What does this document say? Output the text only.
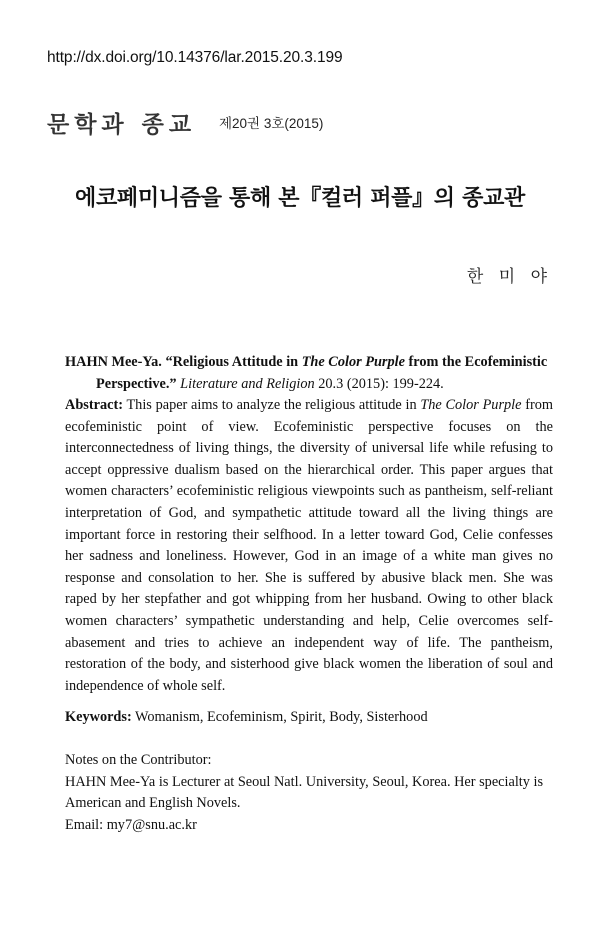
http://dx.doi.org/10.14376/lar.2015.20.3.199
문학과 종교 제20권 3호(2015)
에코페미니즘을 통해 본『컬러 퍼플』의 종교관
한 미 야
HAHN Mee-Ya. “Religious Attitude in The Color Purple from the Ecofeministic
Perspective.” Literature and Religion 20.3 (2015): 199-224.
Abstract: This paper aims to analyze the religious attitude in The Color Purple from ecofeministic point of view. Ecofeministic perspective focuses on the interconnectedness of living things, the diversity of universal life while refusing to accept oppressive dualism based on the hierarchical order. This paper argues that women characters’ ecofeministic religious viewpoints such as pantheism, self-reliant interpretation of God, and sympathetic attitude toward all the living things are important force in restoring their selfhood. In a letter toward God, Celie confesses her sadness and loneliness. However, God in an image of a white man gives no response and consolation to her. She is suffered by abusive black men. She was raped by her stepfather and got whipping from her husband. Owing to other black women characters’ sympathetic understanding and help, Celie overcomes self-abasement and tries to achieve an independent way of life. The pantheism, restoration of the body, and sisterhood give black women the liberation of soul and independence of whole self.
Keywords: Womanism, Ecofeminism, Spirit, Body, Sisterhood
Notes on the Contributor:
HAHN Mee-Ya is Lecturer at Seoul Natl. University, Seoul, Korea. Her specialty is American and English Novels.
Email: my7@snu.ac.kr
